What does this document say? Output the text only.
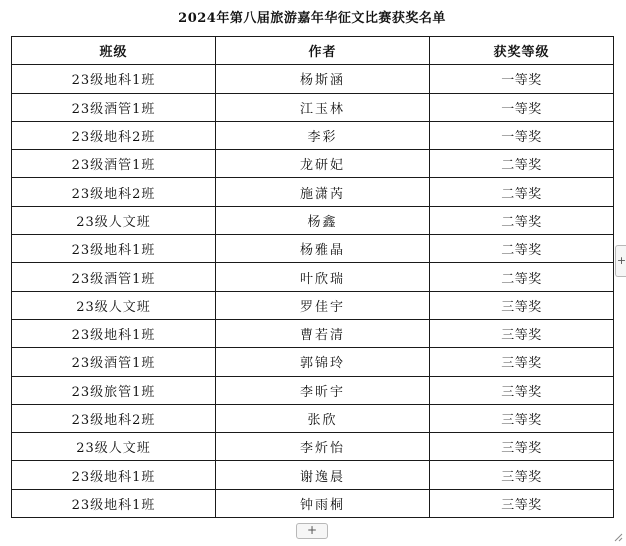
2024年第八届旅游嘉年华征文比赛获奖名单
班级	作者	获奖等级
23级地科1班	杨斯涵	一等奖
23级酒管1班	江玉林	一等奖
23级地科2班	李彩	一等奖
23级酒管1班	龙研妃	二等奖
23级地科2班	施潇芮	二等奖
23级人文班	杨鑫	二等奖
23级地科1班	杨雅晶	二等奖
23级酒管1班	叶欣瑞	二等奖
23级人文班	罗佳宇	三等奖
23级地科1班	曹若清	三等奖
23级酒管1班	郭锦玲	三等奖
23级旅管1班	李昕宇	三等奖
23级地科2班	张欣	三等奖
23级人文班	李炘怡	三等奖
23级地科1班	谢逸晨	三等奖
23级地科1班	钟雨桐	三等奖
+
+
